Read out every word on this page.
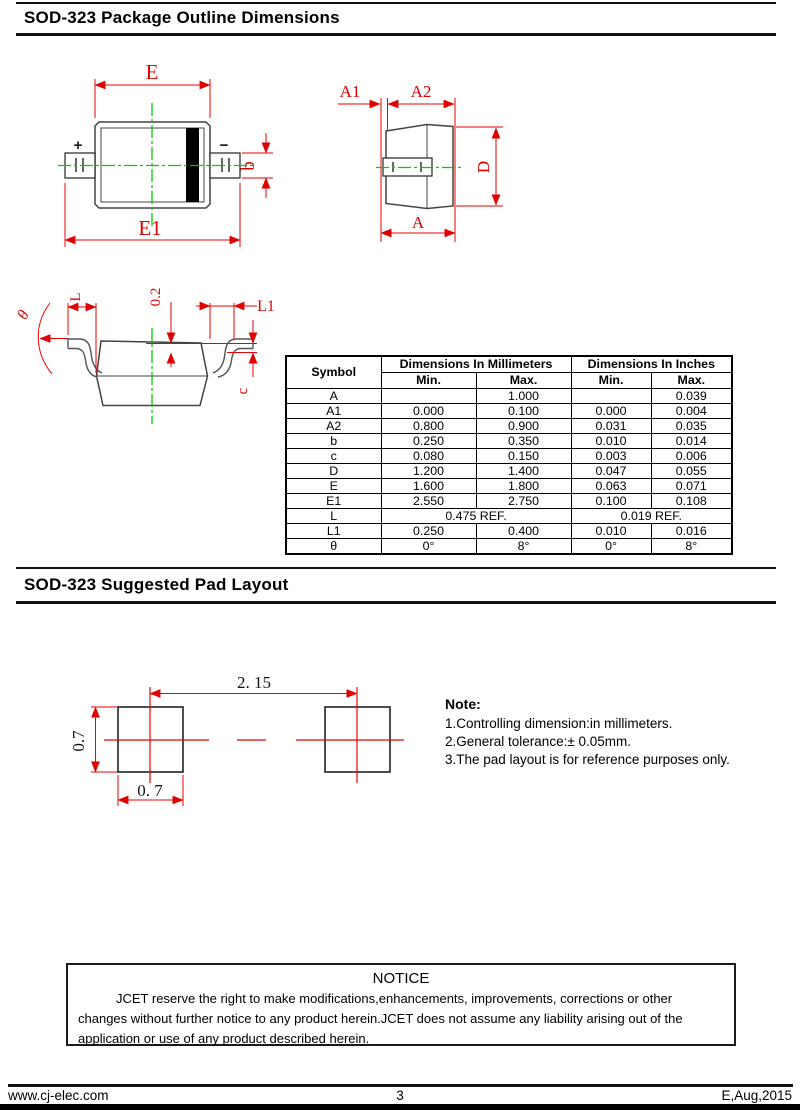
SOD-323 Package Outline Dimensions
SOD-323 Suggested Pad Layout
+	−
E
E1
b
A1	A2
A
D
θ
L	0.2
L1
c
2. 15
0.7
0. 7
Symbol	Dimensions In Millimeters		Dimensions In Inches	
	Min.	Max.	Min.	Max.
A		1.000		0.039
A1	0.000	0.100	0.000	0.004
A2	0.800	0.900	0.031	0.035
b	0.250	0.350	0.010	0.014
c	0.080	0.150	0.003	0.006
D	1.200	1.400	0.047	0.055
E	1.600	1.800	0.063	0.071
E1	2.550	2.750	0.100	0.108
L	0.475 REF.		0.019 REF.	
L1	0.250	0.400	0.010	0.016
θ	0°	8°	0°	8°
Note:
1.Controlling dimension:in millimeters.
2.General tolerance:± 0.05mm.
3.The pad layout is for reference purposes only.
NOTICE
JCET reserve the right to make modifications,enhancements, improvements, corrections or other changes without further notice to any product herein.JCET does not assume any liability arising out of the application or use of any product described herein.
www.cj-elec.com	3	E,Aug,2015
